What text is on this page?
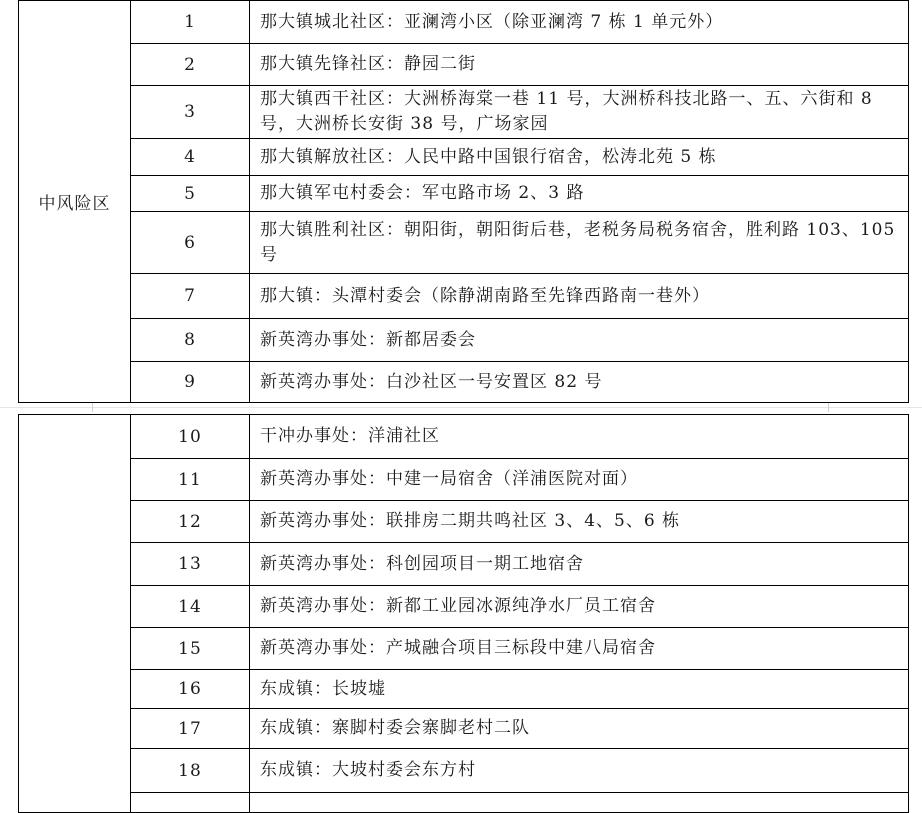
中风险区	1	那大镇城北社区：亚澜湾小区（除亚澜湾 7 栋 1 单元外）
	2	那大镇先锋社区：静园二街
	3	那大镇西干社区：大洲桥海棠一巷 11 号，大洲桥科技北路一、五、六街和 8 号，大洲桥长安街 38 号，广场家园
	4	那大镇解放社区：人民中路中国银行宿舍，松涛北苑 5 栋
	5	那大镇军屯村委会：军屯路市场 2、3 路
	6	那大镇胜利社区：朝阳街，朝阳街后巷，老税务局税务宿舍，胜利路 103、105 号
	7	那大镇：头潭村委会（除静湖南路至先锋西路南一巷外）
	8	新英湾办事处：新都居委会
	9	新英湾办事处：白沙社区一号安置区 82 号
	10	干冲办事处：洋浦社区
	11	新英湾办事处：中建一局宿舍（洋浦医院对面）
	12	新英湾办事处：联排房二期共鸣社区 3、4、5、6 栋
	13	新英湾办事处：科创园项目一期工地宿舍
	14	新英湾办事处：新都工业园冰源纯净水厂员工宿舍
	15	新英湾办事处：产城融合项目三标段中建八局宿舍
	16	东成镇：长坡墟
	17	东成镇：寨脚村委会寨脚老村二队
	18	东成镇：大坡村委会东方村
